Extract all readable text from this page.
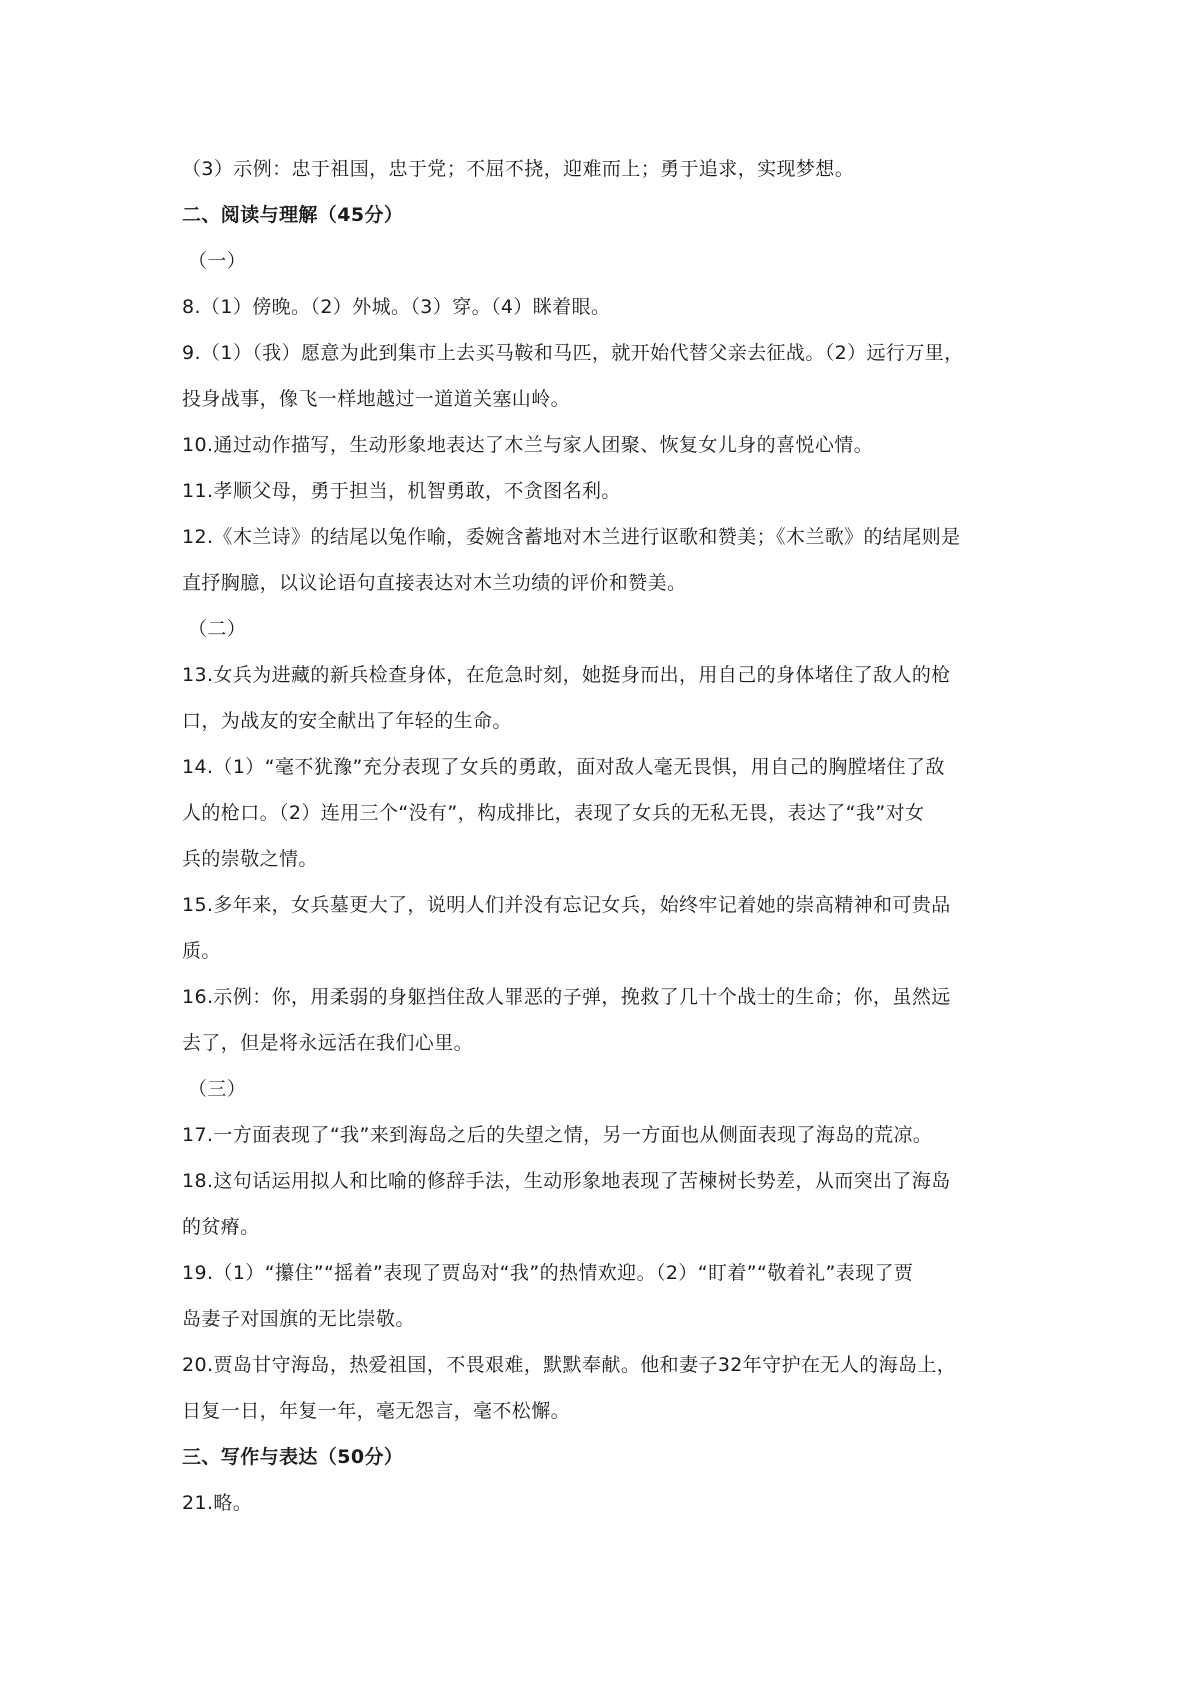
（3）示例：忠于祖国，忠于党；不屈不挠，迎难而上；勇于追求，实现梦想。
二、阅读与理解（45分）
（一）
8.（1）傍晚。（2）外城。（3）穿。（4）眯着眼。
9.（1）（我）愿意为此到集市上去买马鞍和马匹，就开始代替父亲去征战。（2）远行万里，
投身战事，像飞一样地越过一道道关塞山岭。
10.通过动作描写，生动形象地表达了木兰与家人团聚、恢复女儿身的喜悦心情。
11.孝顺父母，勇于担当，机智勇敢，不贪图名利。
12.《木兰诗》的结尾以兔作喻，委婉含蓄地对木兰进行讴歌和赞美；《木兰歌》的结尾则是
直抒胸臆，以议论语句直接表达对木兰功绩的评价和赞美。
（二）
13.女兵为进藏的新兵检查身体，在危急时刻，她挺身而出，用自己的身体堵住了敌人的枪
口，为战友的安全献出了年轻的生命。
14.（1）“毫不犹豫”充分表现了女兵的勇敢，面对敌人毫无畏惧，用自己的胸膛堵住了敌
人的枪口。（2）连用三个“没有”，构成排比，表现了女兵的无私无畏，表达了“我”对女
兵的崇敬之情。
15.多年来，女兵墓更大了，说明人们并没有忘记女兵，始终牢记着她的崇高精神和可贵品
质。
16.示例：你，用柔弱的身躯挡住敌人罪恶的子弹，挽救了几十个战士的生命；你，虽然远
去了，但是将永远活在我们心里。
（三）
17.一方面表现了“我”来到海岛之后的失望之情，另一方面也从侧面表现了海岛的荒凉。
18.这句话运用拟人和比喻的修辞手法，生动形象地表现了苦楝树长势差，从而突出了海岛
的贫瘠。
19.（1）“攥住”“摇着”表现了贾岛对“我”的热情欢迎。（2）“盯着”“敬着礼”表现了贾
岛妻子对国旗的无比崇敬。
20.贾岛甘守海岛，热爱祖国，不畏艰难，默默奉献。他和妻子32年守护在无人的海岛上，
日复一日，年复一年，毫无怨言，毫不松懈。
三、写作与表达（50分）
21.略。
